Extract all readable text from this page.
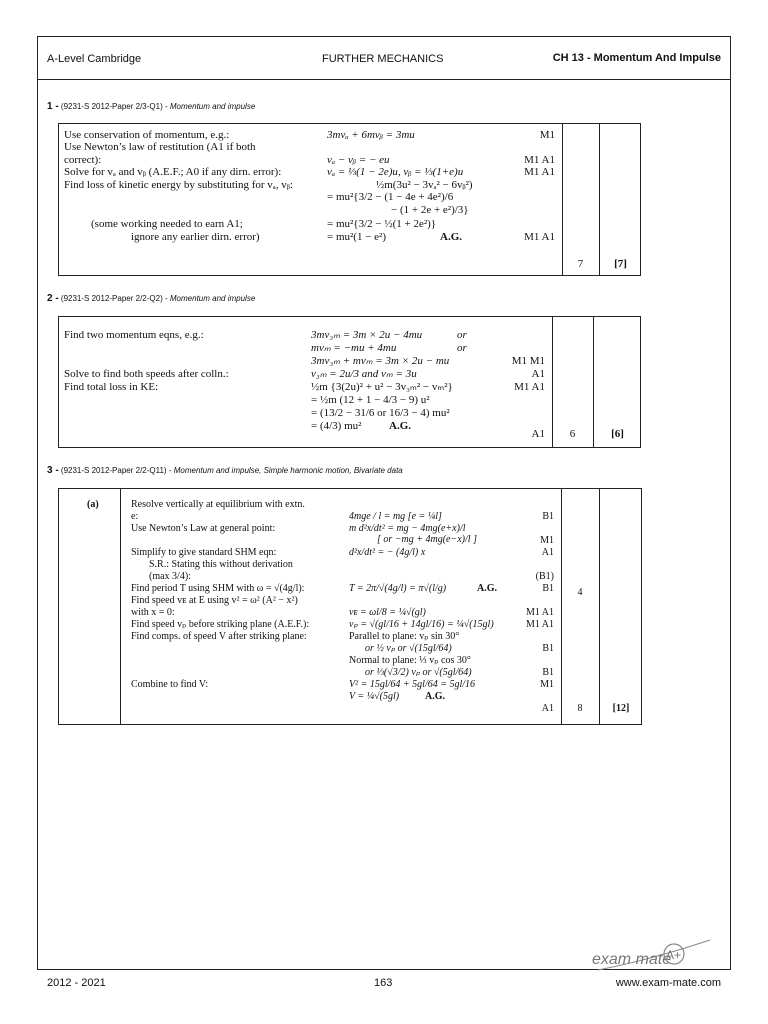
A-Level Cambridge	FURTHER MECHANICS	CH 13 - Momentum And Impulse
1 - (9231-S 2012-Paper 2/3-Q1) - Momentum and impulse
Use conservation of momentum, e.g.:	3mvₐ + 6mvᵦ = 3mu	M1
Use Newton’s law of restitution (A1 if both
correct):	vₐ − vᵦ = − eu	M1 A1
Solve for vₐ and vᵦ (A.E.F.; A0 if any dirn. error):	vₐ = ⅓(1 − 2e)u, vᵦ = ⅓(1+e)u	M1 A1
Find loss of kinetic energy by substituting for vₐ, vᵦ:	½m(3u² − 3vₐ² − 6vᵦ²)
= mu²{3/2 − (1 − 4e + 4e²)/6
− (1 + 2e + e²)/3}
(some working needed to earn A1;	= mu²{3/2 − ½(1 + 2e²)}
ignore any earlier dirn. error)	= mu²(1 − e²)	A.G.	M1 A1
7	[7]
2 - (9231-S 2012-Paper 2/2-Q2) - Momentum and impulse
Find two momentum eqns, e.g.:	3mv₃ₘ = 3m × 2u − 4mu	or
mvₘ = −mu + 4mu	or
3mv₃ₘ + mvₘ = 3m × 2u − mu	M1 M1
Solve to find both speeds after colln.:	v₃ₘ = 2u/3 and vₘ = 3u	A1
Find total loss in KE:	½m {3(2u)² + u² − 3v₃ₘ² − vₘ²}	M1 A1
= ½m (12 + 1 − 4/3 − 9) u²
= (13/2 − 31/6 or 16/3 − 4) mu²
= (4/3) mu²	A.G.
A1	6	[6]
3 - (9231-S 2012-Paper 2/2-Q11) - Momentum and impulse, Simple harmonic motion, Bivariate data
(a)	Resolve vertically at equilibrium with extn.
e:	4mge / l = mg [e = ¼l]	B1
Use Newton’s Law at general point:	m d²x/dt² = mg − 4mg(e+x)/l
[ or −mg + 4mg(e−x)/l ]	M1
Simplify to give standard SHM eqn:	d²x/dt² = − (4g/l) x	A1
S.R.: Stating this without derivation
(max 3/4):	(B1)
Find period T using SHM with ω = √(4g/l):	T = 2π/√(4g/l) = π√(l/g)	A.G.	B1	4
Find speed vᴇ at E using v² = ω² (A² − x²)
with x = 0:	vᴇ = ωl/8 = ¼√(gl)	M1 A1
Find speed vₚ before striking plane (A.E.F.):	vₚ = √(gl/16 + 14gl/16) = ¼√(15gl)	M1 A1
Find comps. of speed V after striking plane:	Parallel to plane: vₚ sin 30°
or ½ vₚ or √(15gl/64)	B1
Normal to plane: ⅓ vₚ cos 30°
or ⅓(√3/2) vₚ or √(5gl/64)	B1
Combine to find V:	V² = 15gl/64 + 5gl/64 = 5gl/16	M1
V = ¼√(5gl)	A.G.
A1	8	[12]
exam mate
A+
2012 - 2021	163	www.exam-mate.com
